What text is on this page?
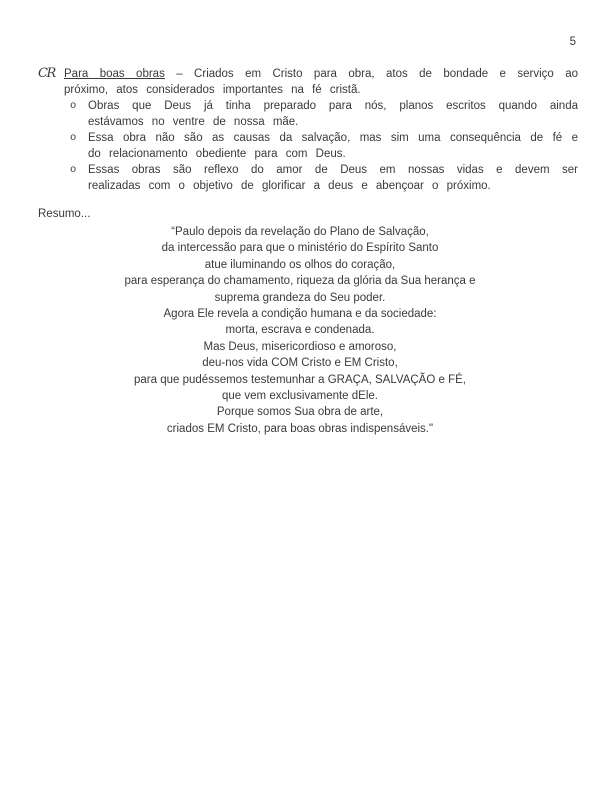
5
CR Para boas obras – Criados em Cristo para obra, atos de bondade e serviço ao próximo, atos considerados importantes na fé cristã.
o	Obras que Deus já tinha preparado para nós, planos escritos quando ainda estávamos no ventre de nossa mãe.
o	Essa obra não são as causas da salvação, mas sim uma consequência de fé e do relacionamento obediente para com Deus.
o	Essas obras são reflexo do amor de Deus em nossas vidas e devem ser realizadas com o objetivo de glorificar a deus e abençoar o próximo.
Resumo...
“Paulo depois da revelação do Plano de Salvação,
da intercessão para que o ministério do Espírito Santo
atue iluminando os olhos do coração,
para esperança do chamamento, riqueza da glória da Sua herança e
suprema grandeza do Seu poder.
Agora Ele revela a condição humana e da sociedade:
morta, escrava e condenada.
Mas Deus, misericordioso e amoroso,
deu-nos vida COM Cristo e EM Cristo,
para que pudéssemos testemunhar a GRAÇA, SALVAÇÃO e FÉ,
que vem exclusivamente dEle.
Porque somos Sua obra de arte,
criados EM Cristo, para boas obras indispensáveis."
